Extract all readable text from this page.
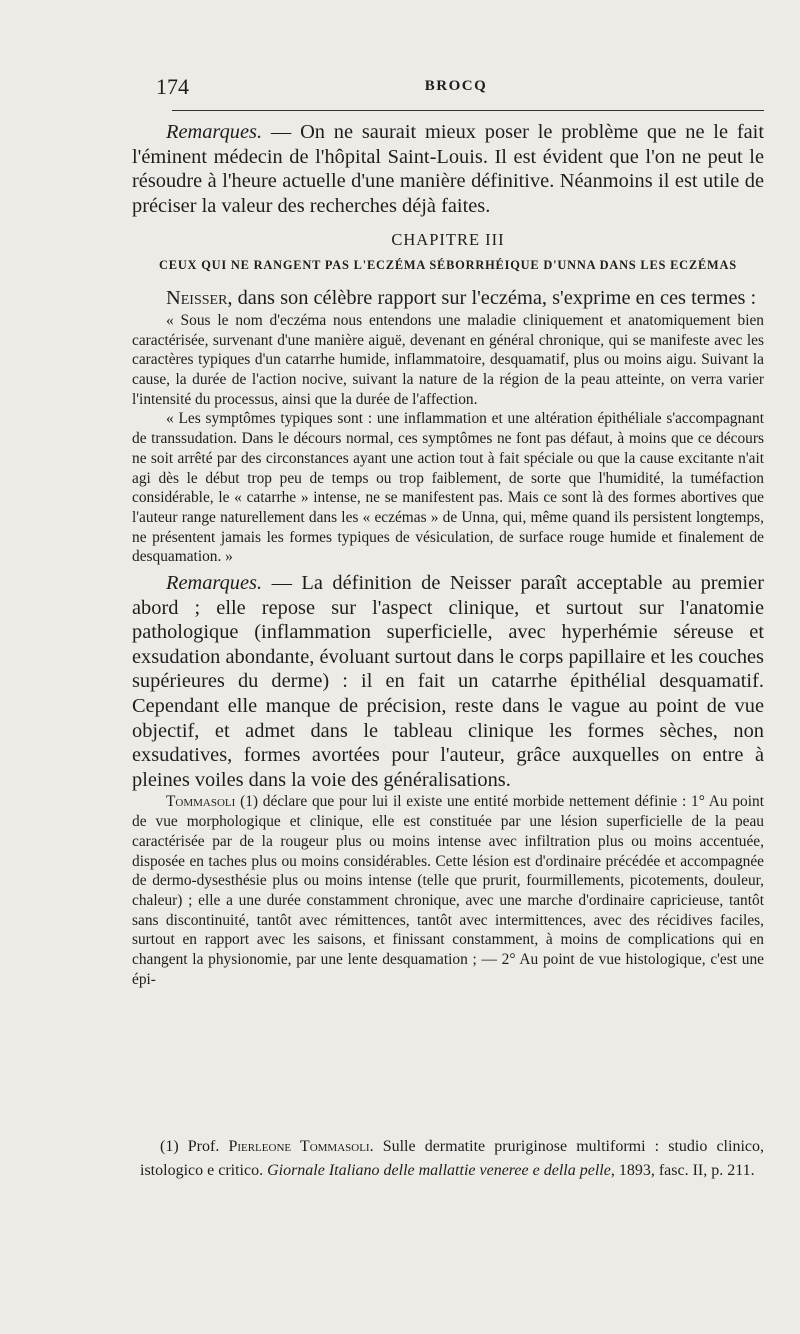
174	BROCQ

Remarques. — On ne saurait mieux poser le problème que ne le fait l'éminent médecin de l'hôpital Saint-Louis. Il est évident que l'on ne peut le résoudre à l'heure actuelle d'une manière définitive. Néanmoins il est utile de préciser la valeur des recherches déjà faites.

CHAPITRE III
CEUX QUI NE RANGENT PAS L'ECZÉMA SÉBORRHÉIQUE D'UNNA DANS LES ECZÉMAS

Neisser, dans son célèbre rapport sur l'eczéma, s'exprime en ces termes :

« Sous le nom d'eczéma nous entendons une maladie cliniquement et anatomiquement bien caractérisée, survenant d'une manière aiguë, devenant en général chronique, qui se manifeste avec les caractères typiques d'un catarrhe humide, inflammatoire, desquamatif, plus ou moins aigu. Suivant la cause, la durée de l'action nocive, suivant la nature de la région de la peau atteinte, on verra varier l'intensité du processus, ainsi que la durée de l'affection.

« Les symptômes typiques sont : une inflammation et une altération épithéliale s'accompagnant de transsudation. Dans le décours normal, ces symptômes ne font pas défaut, à moins que ce décours ne soit arrêté par des circonstances ayant une action tout à fait spéciale ou que la cause excitante n'ait agi dès le début trop peu de temps ou trop faiblement, de sorte que l'humidité, la tuméfaction considérable, le « catarrhe » intense, ne se manifestent pas. Mais ce sont là des formes abortives que l'auteur range naturellement dans les « eczémas » de Unna, qui, même quand ils persistent longtemps, ne présentent jamais les formes typiques de vésiculation, de surface rouge humide et finalement de desquamation. »

Remarques. — La définition de Neisser paraît acceptable au premier abord ; elle repose sur l'aspect clinique, et surtout sur l'anatomie pathologique (inflammation superficielle, avec hyperhémie séreuse et exsudation abondante, évoluant surtout dans le corps papillaire et les couches supérieures du derme) : il en fait un catarrhe épithélial desquamatif. Cependant elle manque de précision, reste dans le vague au point de vue objectif, et admet dans le tableau clinique les formes sèches, non exsudatives, formes avortées pour l'auteur, grâce auxquelles on entre à pleines voiles dans la voie des généralisations.

Tommasoli (1) déclare que pour lui il existe une entité morbide nettement définie : 1° Au point de vue morphologique et clinique, elle est constituée par une lésion superficielle de la peau caractérisée par de la rougeur plus ou moins intense avec infiltration plus ou moins accentuée, disposée en taches plus ou moins considérables. Cette lésion est d'ordinaire précédée et accompagnée de dermo-dysesthésie plus ou moins intense (telle que prurit, fourmillements, picotements, douleur, chaleur) ; elle a une durée constamment chronique, avec une marche d'ordinaire capricieuse, tantôt sans discontinuité, tantôt avec rémittences, tantôt avec intermittences, avec des récidives faciles, surtout en rapport avec les saisons, et finissant constamment, à moins de complications qui en changent la physionomie, par une lente desquamation ; — 2° Au point de vue histologique, c'est une épi-

(1) Prof. Pierleone Tommasoli. Sulle dermatite pruriginose multiformi : studio clinico, istologico e critico. Giornale Italiano delle mallattie veneree e della pelle, 1893, fasc. II, p. 211.
